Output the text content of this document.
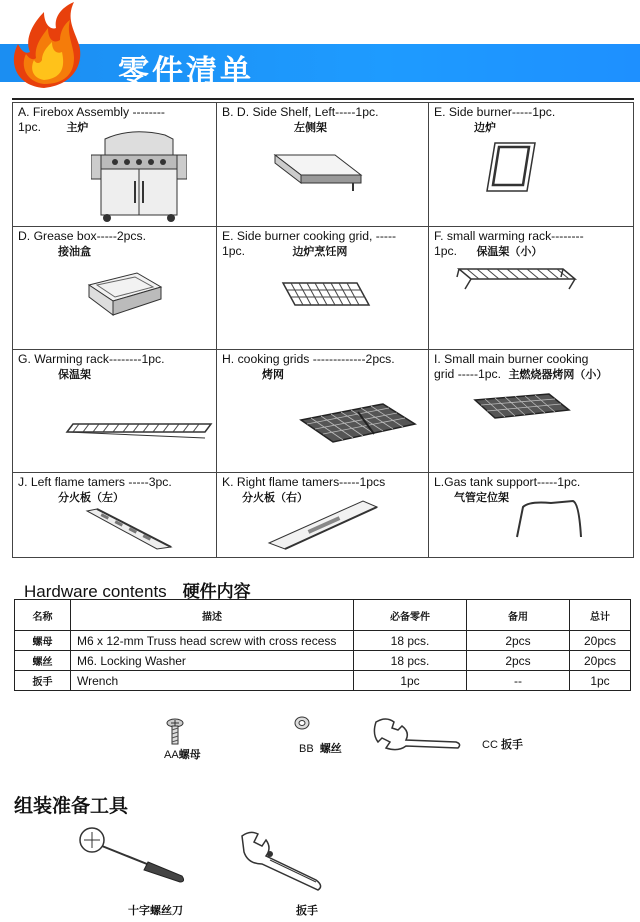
零件清单
A. Firebox Assembly --------
1pc. 主炉
B. D. Side Shelf, Left-----1pc.
左侧架
E. Side burner-----1pc.
边炉
D. Grease box-----2pcs.
接油盒
E. Side burner cooking grid, -----
1pc.	边炉烹饪网
F. small warming rack--------
1pc. 保温架（小）
G. Warming rack--------1pc.
保温架
H. cooking grids -------------2pcs.
烤网
I. Small main burner cooking
grid -----1pc. 主燃烧器烤网（小）
J. Left flame tamers -----3pc.
分火板（左）
K. Right flame tamers-----1pcs
分火板（右）
L.Gas tank support-----1pc.
气管定位架
Hardware contents 硬件内容
名称	描述	必备零件	备用	总计
螺母	M6 x 12-mm Truss head screw with cross recess	18 pcs.	2pcs	20pcs
螺丝	M6. Locking Washer	18 pcs.	2pcs	20pcs
扳手	Wrench	1pc	--	1pc
AA螺母	BB 螺丝	CC 扳手
组装准备工具
十字螺丝刀	扳手
